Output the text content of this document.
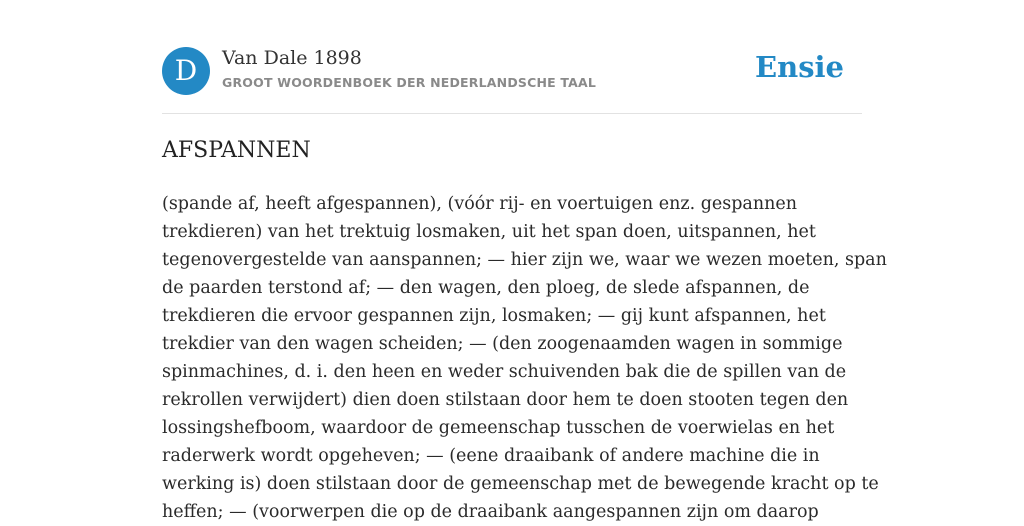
D	Van Dale 1898
GROOT WOORDENBOEK DER NEDERLANDSCHE TAAL	Ensie
AFSPANNEN
(spande af, heeft afgespannen), (vóór rij- en voertuigen enz. gespannen
trekdieren) van het trektuig losmaken, uit het span doen, uitspannen, het
tegenovergestelde van aanspannen; — hier zijn we, waar we wezen moeten, span
de paarden terstond af; — den wagen, den ploeg, de slede afspannen, de
trekdieren die ervoor gespannen zijn, losmaken; — gij kunt afspannen, het
trekdier van den wagen scheiden; — (den zoogenaamden wagen in sommige
spinmachines, d. i. den heen en weder schuivenden bak die de spillen van de
rekrollen verwijdert) dien doen stilstaan door hem te doen stooten tegen den
lossingshefboom, waardoor de gemeenschap tusschen de voerwielas en het
raderwerk wordt opgeheven; — (eene draaibank of andere machine die in
werking is) doen stilstaan door de gemeenschap met de bewegende kracht op te
heffen; — (voorwerpen die op de draaibank aangespannen zijn om daarop
